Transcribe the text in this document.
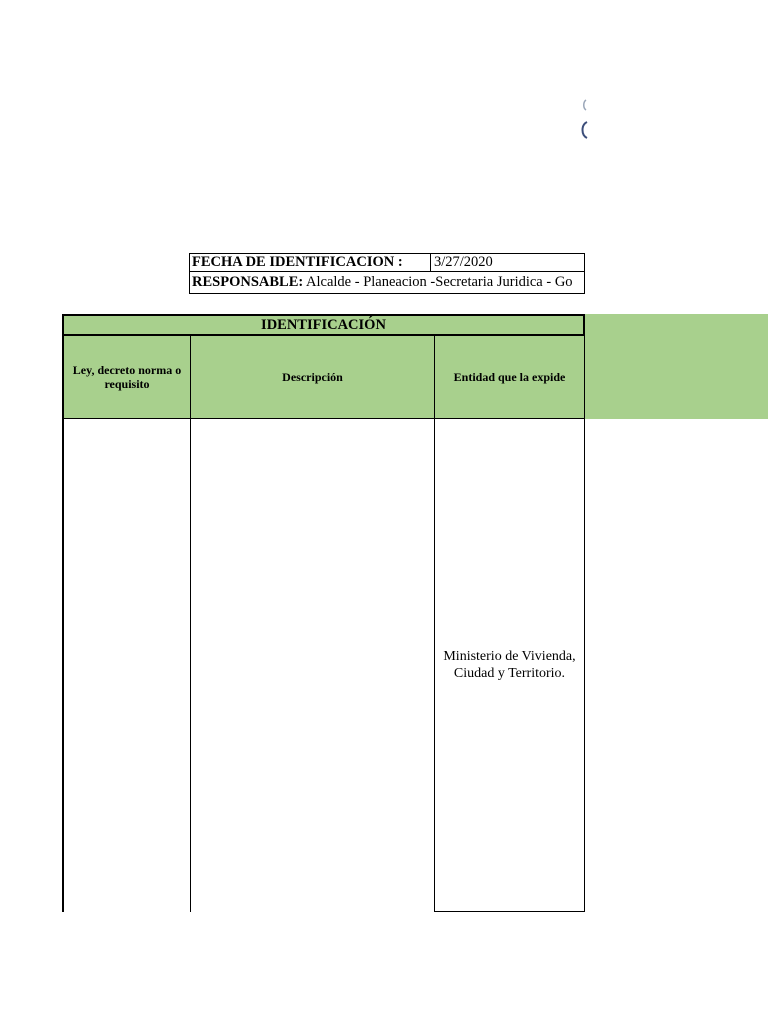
FECHA DE IDENTIFICACION : 3/27/2020
RESPONSABLE: Alcalde - Planeacion -Secretaria Juridica - Go
IDENTIFICACIÓN
Ley, decreto norma o requisito	Descripción	Entidad que la expide
Ministerio de Vivienda, Ciudad y Territorio.
